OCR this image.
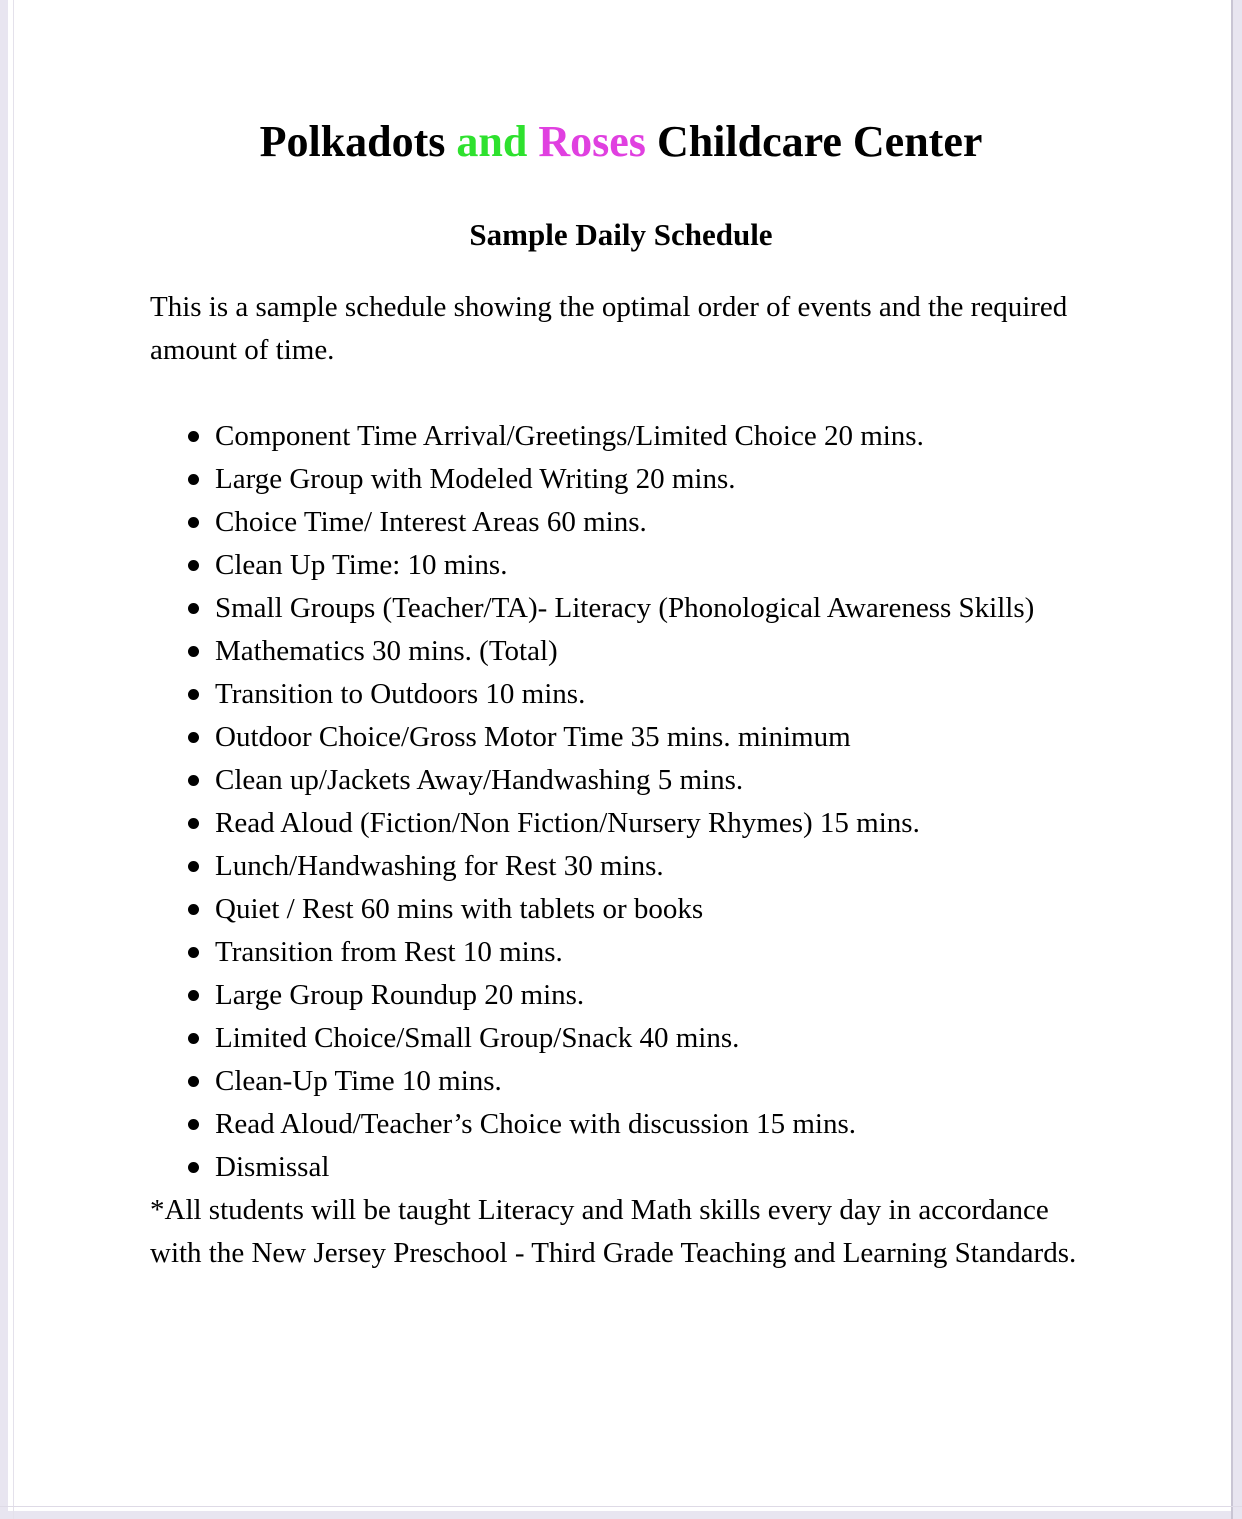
Polkadots and Roses Childcare Center
Sample Daily Schedule

This is a sample schedule showing the optimal order of events and the required amount of time.

Component Time Arrival/Greetings/Limited Choice 20 mins.
Large Group with Modeled Writing 20 mins.
Choice Time/ Interest Areas 60 mins.
Clean Up Time: 10 mins.
Small Groups (Teacher/TA)- Literacy (Phonological Awareness Skills)
Mathematics 30 mins. (Total)
Transition to Outdoors 10 mins.
Outdoor Choice/Gross Motor Time 35 mins. minimum
Clean up/Jackets Away/Handwashing 5 mins.
Read Aloud (Fiction/Non Fiction/Nursery Rhymes) 15 mins.
Lunch/Handwashing for Rest 30 mins.
Quiet / Rest 60 mins with tablets or books
Transition from Rest 10 mins.
Large Group Roundup 20 mins.
Limited Choice/Small Group/Snack 40 mins.
Clean-Up Time 10 mins.
Read Aloud/Teacher’s Choice with discussion 15 mins.
Dismissal

*All students will be taught Literacy and Math skills every day in accordance with the New Jersey Preschool - Third Grade Teaching and Learning Standards.
